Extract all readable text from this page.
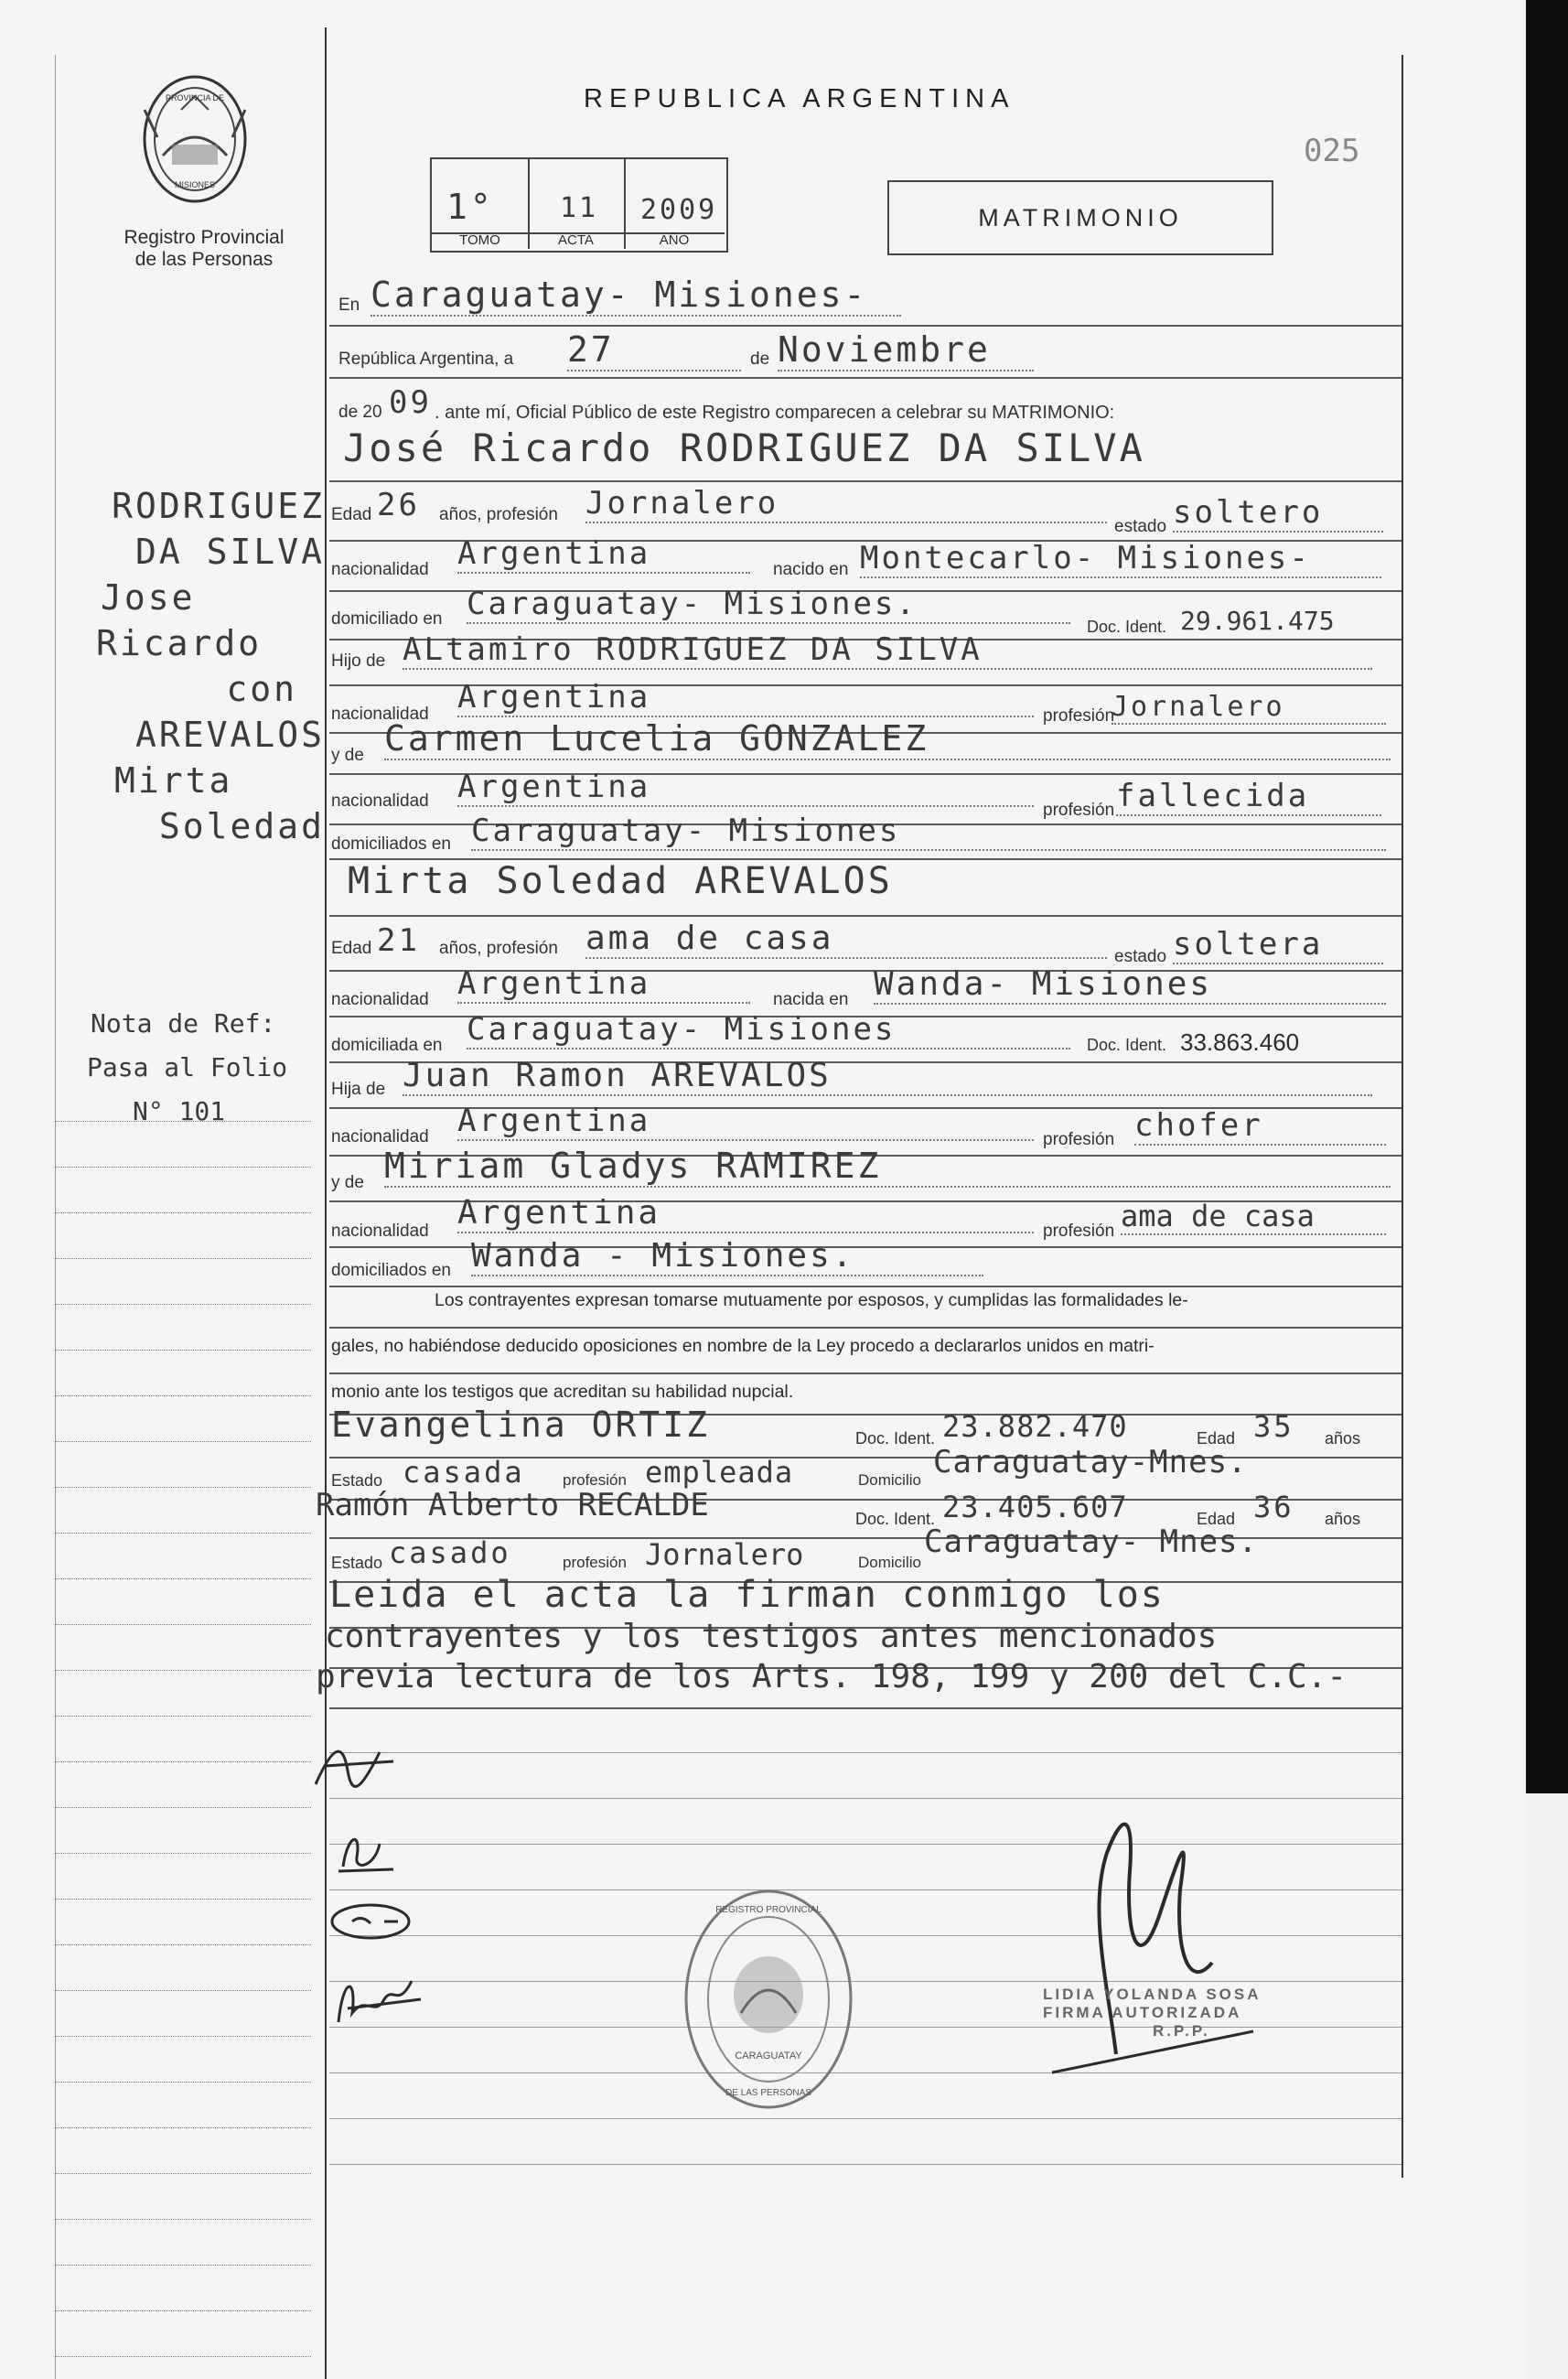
PROVINCIA DE
MISIONES
Registro Provincial
de las Personas
REPUBLICA ARGENTINA
025
1° 11 2009
TOMO	ACTA	AÑO
MATRIMONIO
En Caraguatay- Misiones-
República Argentina, a 27	de Noviembre
de 20 09 . ante mí, Oficial Público de este Registro comparecen a celebrar su MATRIMONIO:
José Ricardo RODRIGUEZ DA SILVA
RODRIGUEZ
DA SILVA
Jose
Ricardo
con
AREVALOS
Mirta
Soledad
Nota de Ref:
Pasa al Folio
N° 101
Edad 26 años, profesión Jornalero
estado soltero
nacionalidad Argentina	nacido en Montecarlo- Misiones-
domiciliado en Caraguatay- Misiones.
Doc. Ident. 29.961.475
Hijo de ALtamiro RODRIGUEZ DA SILVA
nacionalidad Argentina
profesión
Jornalero
y de Carmen Lucelia GONZALEZ
nacionalidad Argentina
profesión fallecida
domiciliados en Caraguatay- Misiones
Mirta Soledad AREVALOS
Edad 21 años, profesión ama de casa	estado soltera
nacionalidad Argentina	nacida en Wanda- Misiones
domiciliada en Caraguatay- Misiones	Doc. Ident. 33.863.460
Hija de Juan Ramon AREVALOS
nacionalidad Argentina
profesión chofer
y de Miriam Gladys RAMIREZ
nacionalidad Argentina	profesión ama de casa
domiciliados en Wanda - Misiones.
Los contrayentes expresan tomarse mutuamente por esposos, y cumplidas las formalidades le-
gales, no habiéndose deducido oposiciones en nombre de la Ley procedo a declararlos unidos en matri-
monio ante los testigos que acreditan su habilidad nupcial.
Evangelina ORTIZ	Doc. Ident. 23.882.470	Edad 35 años
Estado casada profesión empleada	Domicilio Caraguatay-Mnes.
Ramón Alberto RECALDE	Doc. Ident. 23.405.607	Edad 36 años
Estado casado	profesión Jornalero	Domicilio
Caraguatay- Mnes.
Leida el acta la firman conmigo los
contrayentes y los testigos antes mencionados
previa lectura de los Arts. 198, 199 y 200 del C.C.-
REGISTRO PROVINCIAL
DE LAS PERSONAS
CARAGUATAY
LIDIA YOLANDA SOSA
FIRMA AUTORIZADA
R.P.P.
